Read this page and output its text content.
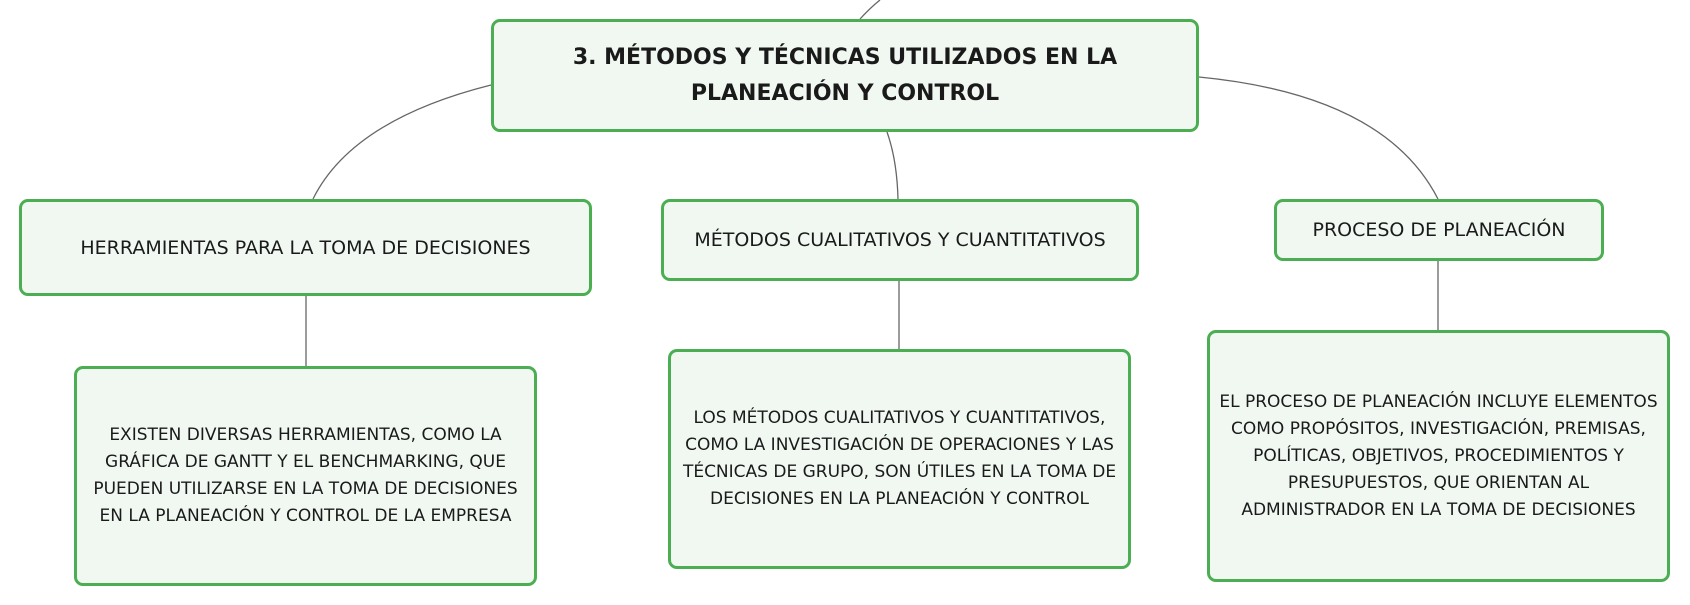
3. MÉTODOS Y TÉCNICAS UTILIZADOS EN LA
PLANEACIÓN Y CONTROL
HERRAMIENTAS PARA LA TOMA DE DECISIONES	MÉTODOS CUALITATIVOS Y CUANTITATIVOS	PROCESO DE PLANEACIÓN
EXISTEN DIVERSAS HERRAMIENTAS, COMO LA GRÁFICA DE GANTT Y EL BENCHMARKING, QUE PUEDEN UTILIZARSE EN LA TOMA DE DECISIONES EN LA PLANEACIÓN Y CONTROL DE LA EMPRESA
LOS MÉTODOS CUALITATIVOS Y CUANTITATIVOS, COMO LA INVESTIGACIÓN DE OPERACIONES Y LAS TÉCNICAS DE GRUPO, SON ÚTILES EN LA TOMA DE DECISIONES EN LA PLANEACIÓN Y CONTROL
EL PROCESO DE PLANEACIÓN INCLUYE ELEMENTOS COMO PROPÓSITOS, INVESTIGACIÓN, PREMISAS, POLÍTICAS, OBJETIVOS, PROCEDIMIENTOS Y PRESUPUESTOS, QUE ORIENTAN AL ADMINISTRADOR EN LA TOMA DE DECISIONES
